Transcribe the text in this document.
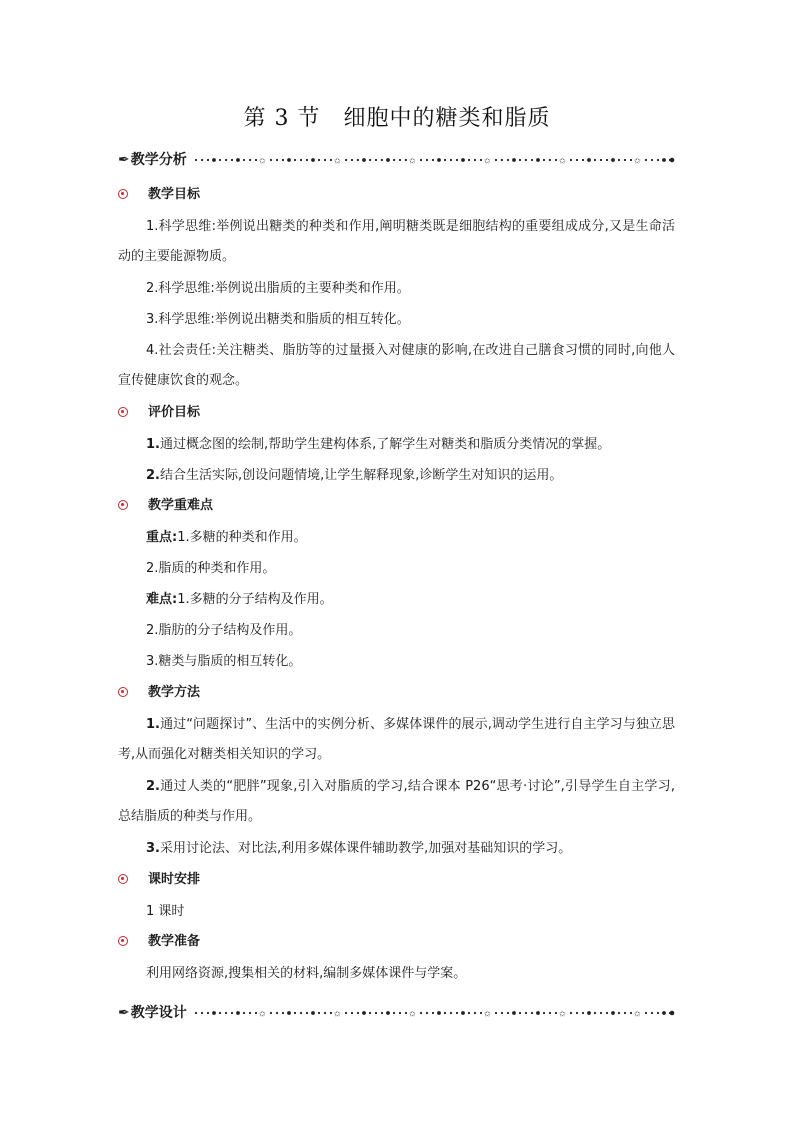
第 3 节　细胞中的糖类和脂质
✒教学分析	✩	✩	✩	✩	✩	✩
教学目标

1.科学思维:举例说出糖类的种类和作用,阐明糖类既是细胞结构的重要组成成分,又是生命活动的主要能源物质。

2.科学思维:举例说出脂质的主要种类和作用。

3.科学思维:举例说出糖类和脂质的相互转化。

4.社会责任:关注糖类、脂肪等的过量摄入对健康的影响,在改进自己膳食习惯的同时,向他人宣传健康饮食的观念。

评价目标

1.通过概念图的绘制,帮助学生建构体系,了解学生对糖类和脂质分类情况的掌握。

2.结合生活实际,创设问题情境,让学生解释现象,诊断学生对知识的运用。

教学重难点

重点:1.多糖的种类和作用。

2.脂质的种类和作用。

难点:1.多糖的分子结构及作用。

2.脂肪的分子结构及作用。

3.糖类与脂质的相互转化。

教学方法

1.通过“问题探讨”、生活中的实例分析、多媒体课件的展示,调动学生进行自主学习与独立思考,从而强化对糖类相关知识的学习。

2.通过人类的“肥胖”现象,引入对脂质的学习,结合课本 P26“思考·讨论”,引导学生自主学习,总结脂质的种类与作用。

3.采用讨论法、对比法,利用多媒体课件辅助教学,加强对基础知识的学习。

课时安排

1 课时

教学准备

利用网络资源,搜集相关的材料,编制多媒体课件与学案。

✒教学设计	✩	✩	✩	✩	✩	✩
